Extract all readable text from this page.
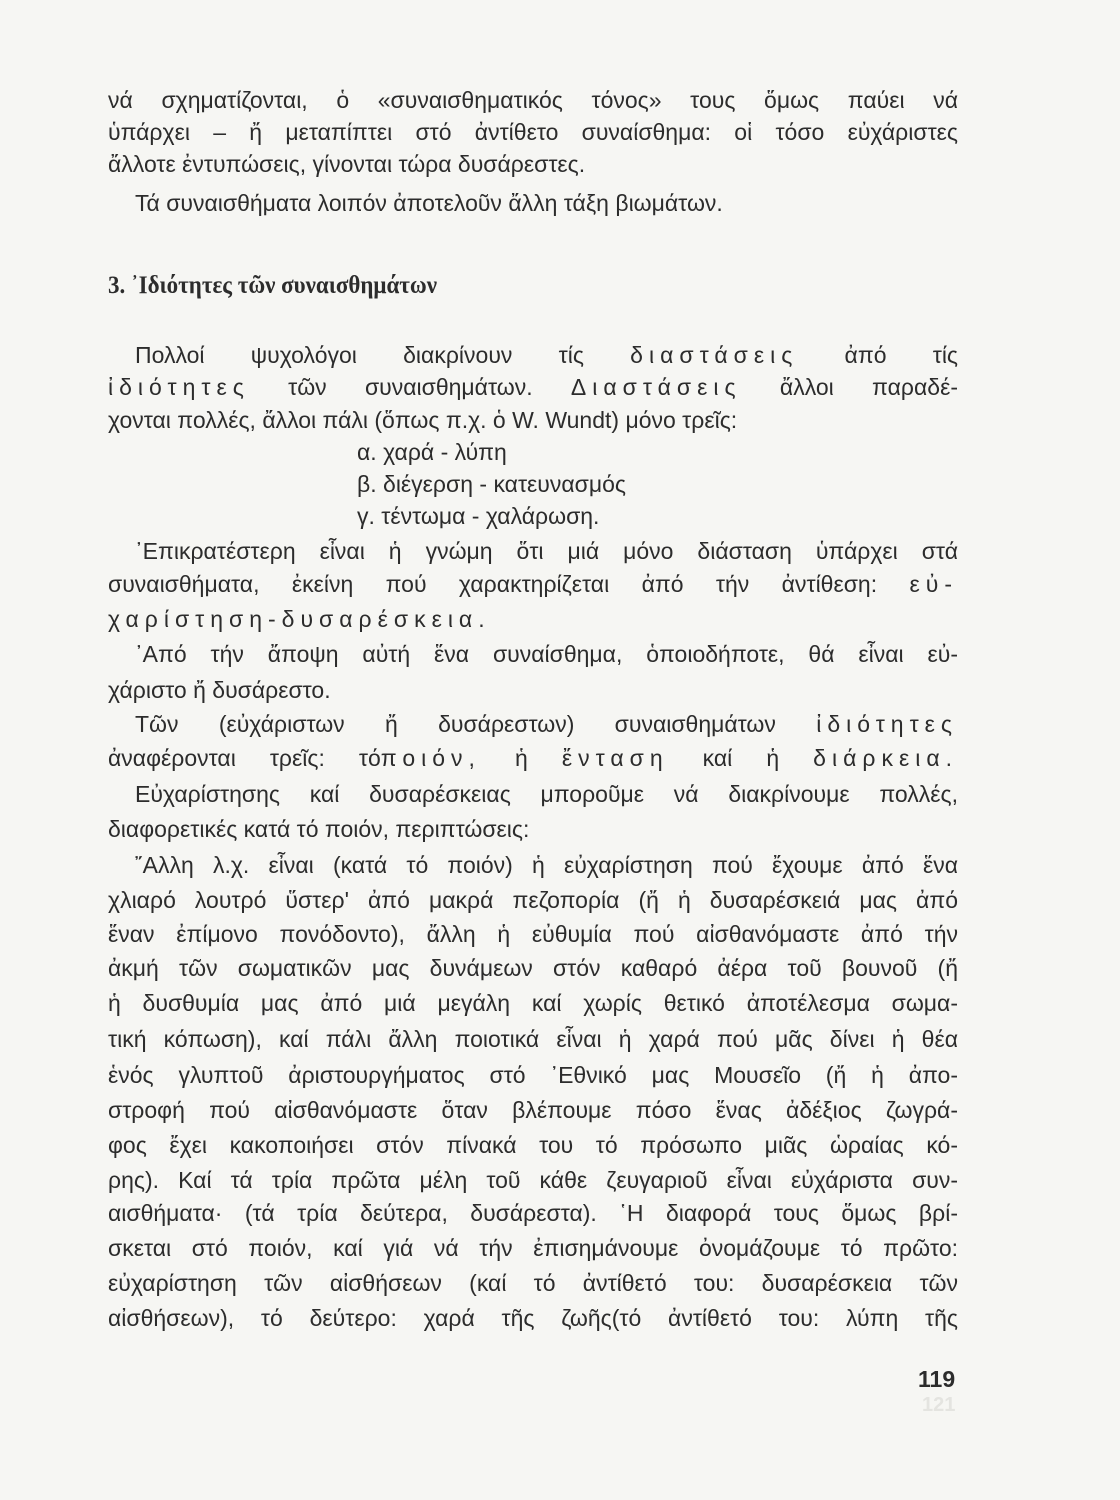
νά σχηματίζονται, ὁ «συναισθηματικός τόνος» τους ὅμως παύει νά
ὑπάρχει – ἤ μεταπίπτει στό ἀντίθετο συναίσθημα: οἱ τόσο εὐχάριστες
ἄλλοτε ἐντυπώσεις, γίνονται τώρα δυσάρεστες.
Τά συναισθήματα λοιπόν ἀποτελοῦν ἄλλη τάξη βιωμάτων.
3. ᾿Ιδιότητες τῶν συναισθημάτων
Πολλοί ψυχολόγοι διακρίνουν τίς διαστάσεις ἀπό τίς
ἰδιότητες τῶν συναισθημάτων. Διαστάσεις ἄλλοι παραδέ-
χονται πολλές, ἄλλοι πάλι (ὅπως π.χ. ὁ W. Wundt) μόνο τρεῖς:
α. χαρά - λύπη
β. διέγερση - κατευνασμός
γ. τέντωμα - χαλάρωση.
᾿Επικρατέστερη εἶναι ἡ γνώμη ὅτι μιά μόνο διάσταση ὑπάρχει στά
συναισθήματα, ἐκείνη πού χαρακτηρίζεται ἀπό τήν ἀντίθεση: εὐ-
χαρίστηση-δυσαρέσκεια.
᾿Από τήν ἄποψη αὐτή ἕνα συναίσθημα, ὁποιοδήποτε, θά εἶναι εὐ-
χάριστο ἤ δυσάρεστο.
Τῶν (εὐχάριστων ἤ δυσάρεστων) συναισθημάτων ἰδιότητες
ἀναφέρονται τρεῖς: τόποιόν, ἡ ἔνταση καί ἡ διάρκεια.
Εὐχαρίστησης καί δυσαρέσκειας μποροῦμε νά διακρίνουμε πολλές,
διαφορετικές κατά τό ποιόν, περιπτώσεις:
῎Αλλη λ.χ. εἶναι (κατά τό ποιόν) ἡ εὐχαρίστηση πού ἔχουμε ἀπό ἕνα
χλιαρό λουτρό ὕστερ' ἀπό μακρά πεζοπορία (ἤ ἡ δυσαρέσκειά μας ἀπό
ἕναν ἐπίμονο πονόδοντο), ἄλλη ἡ εὐθυμία πού αἰσθανόμαστε ἀπό τήν
ἀκμή τῶν σωματικῶν μας δυνάμεων στόν καθαρό ἀέρα τοῦ βουνοῦ (ἤ
ἡ δυσθυμία μας ἀπό μιά μεγάλη καί χωρίς θετικό ἀποτέλεσμα σωμα-
τική κόπωση), καί πάλι ἄλλη ποιοτικά εἶναι ἡ χαρά πού μᾶς δίνει ἡ θέα
ἑνός γλυπτοῦ ἀριστουργήματος στό ᾿Εθνικό μας Μουσεῖο (ἤ ἡ ἀπο-
στροφή πού αἰσθανόμαστε ὅταν βλέπουμε πόσο ἕνας ἀδέξιος ζωγρά-
φος ἔχει κακοποιήσει στόν πίνακά του τό πρόσωπο μιᾶς ὡραίας κό-
ρης). Καί τά τρία πρῶτα μέλη τοῦ κάθε ζευγαριοῦ εἶναι εὐχάριστα συν-
αισθήματα· (τά τρία δεύτερα, δυσάρεστα). ῾Η διαφορά τους ὅμως βρί-
σκεται στό ποιόν, καί γιά νά τήν ἐπισημάνουμε ὀνομάζουμε τό πρῶτο:
εὐχαρίστηση τῶν αἰσθήσεων (καί τό ἀντίθετό του: δυσαρέσκεια τῶν
αἰσθήσεων), τό δεύτερο: χαρά τῆς ζωῆς(τό ἀντίθετό του: λύπη τῆς
119
121
